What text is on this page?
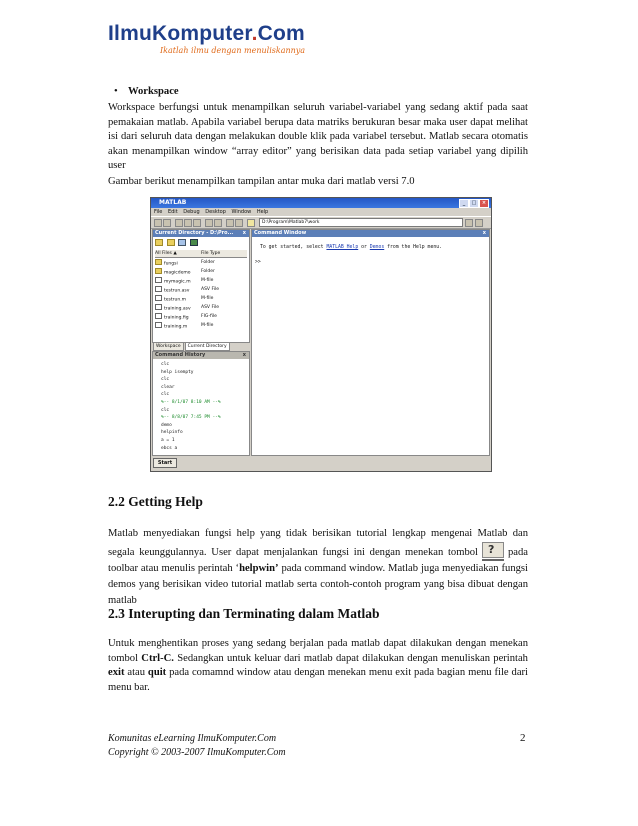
IlmuKomputer.Com
Ikatlah ilmu dengan menuliskannya
• Workspace
Workspace berfungsi untuk menampilkan seluruh variabel-variabel yang sedang aktif pada saat pemakaian matlab. Apabila variabel berupa data matriks berukuran besar maka user dapat melihat isi dari seluruh data dengan melakukan double klik pada variabel tersebut. Matlab secara otomatis akan menampilkan window “array editor” yang berisikan data pada setiap variabel yang dipilih user
Gambar berikut menampilkan tampilan antar muka dari matlab versi 7.0
MATLAB	_	□	×
File Edit Debug Desktop Window Help
D:\Program\Matlab7\work
Current Directory - D:\Pro... x

All Files ▲	File Type
fungsi	Folder
magicdemo Folder
mymagic.m M-file
testrun.asv	ASV File
testrun.m	M-file
training.asv ASV File
training.fig	FIG-file
training.m	M-file
Workspace Current Directory
Command History	x
clc
help isempty
clc
clear
clc
%-- 8/1/07 8:10 AM --%
clc
%-- 8/8/07 7:45 PM --%
demo
helpinfo
a = 1
ebcs a
Command Window	x
To get started, select MATLAB Help or Demos from the Help menu.
>>
Start
2.2 Getting Help
Matlab menyediakan fungsi help yang tidak berisikan tutorial lengkap mengenai Matlab dan segala keunggulannya. User dapat menjalankan fungsi ini dengan menekan tombol ? pada toolbar atau menulis perintah ‘helpwin’ pada command window. Matlab juga menyediakan fungsi demos yang berisikan video tutorial matlab serta contoh-contoh program yang bisa dibuat dengan matlab
2.3 Interupting dan Terminating dalam Matlab
Untuk menghentikan proses yang sedang berjalan pada matlab dapat dilakukan dengan menekan tombol Ctrl-C. Sedangkan untuk keluar dari matlab dapat dilakukan dengan menuliskan perintah exit atau quit pada comamnd window atau dengan menekan menu exit pada bagian menu file dari menu bar.
Komunitas eLearning IlmuKomputer.Com
Copyright © 2003-2007 IlmuKomputer.Com
2
